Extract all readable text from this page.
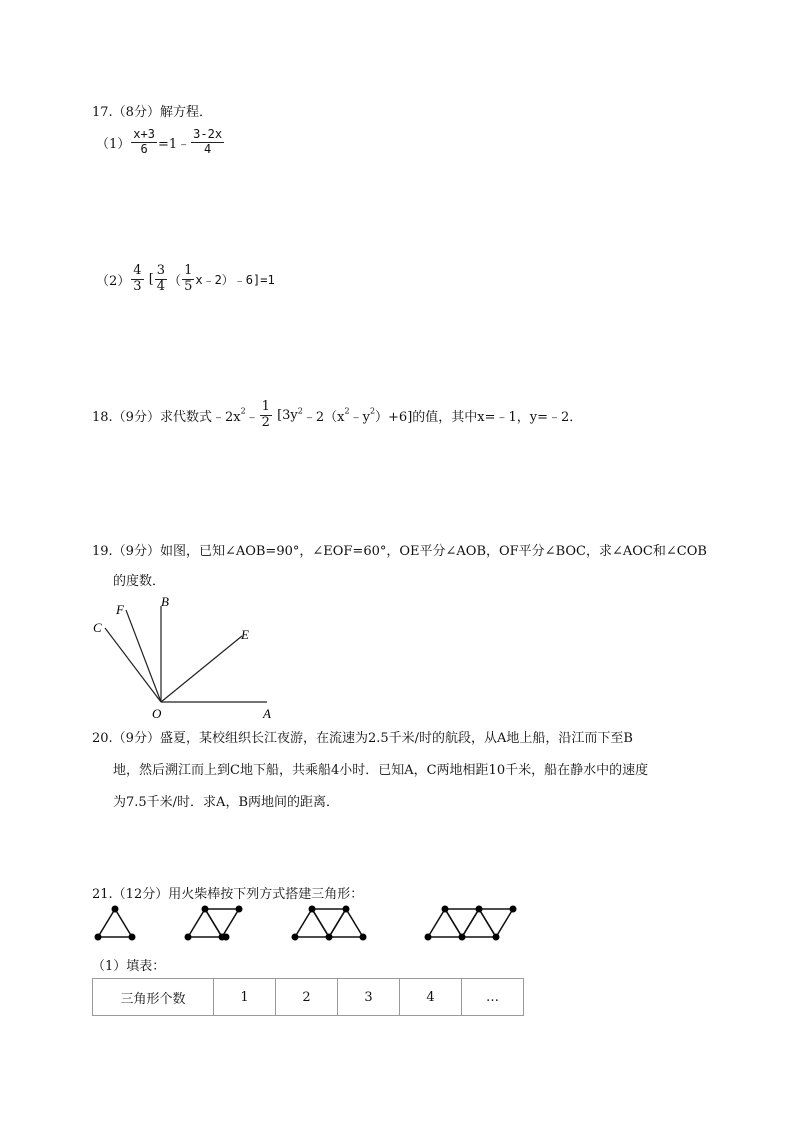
17.（8分）解方程．
$(1) \frac{x+3}{6}$ =1﹣ $\frac{3-2x}{4}$
$(2) \frac{4}{3}$ [ $\frac{3}{4}$ （ $\frac{1}{5}$ x﹣2）﹣6]=1
18.（9分）求代数式$﹣2x^2﹣ \frac{1}{2}$ $[3y^2﹣2(x^2﹣y^2)+6]$的值，其中x=﹣1，y=﹣2．
19.（9分）如图，已知∠AOB=90°，∠EOF=60°，OE平分∠AOB，OF平分∠BOC，求∠AOC和∠COB
的度数．
C
F
B
E
O	A
20.（9分）盛夏，某校组织长江夜游，在流速为2.5千米/时的航段，从A地上船，沿江而下至B
地，然后溯江而上到C地下船，共乘船4小时．已知A，C两地相距10千米，船在静水中的速度
为7.5千米/时．求A，B两地间的距离．
21.（12分）用火柴棒按下列方式搭建三角形：
（1）填表：
三角形个数	1	2	3	4	…
